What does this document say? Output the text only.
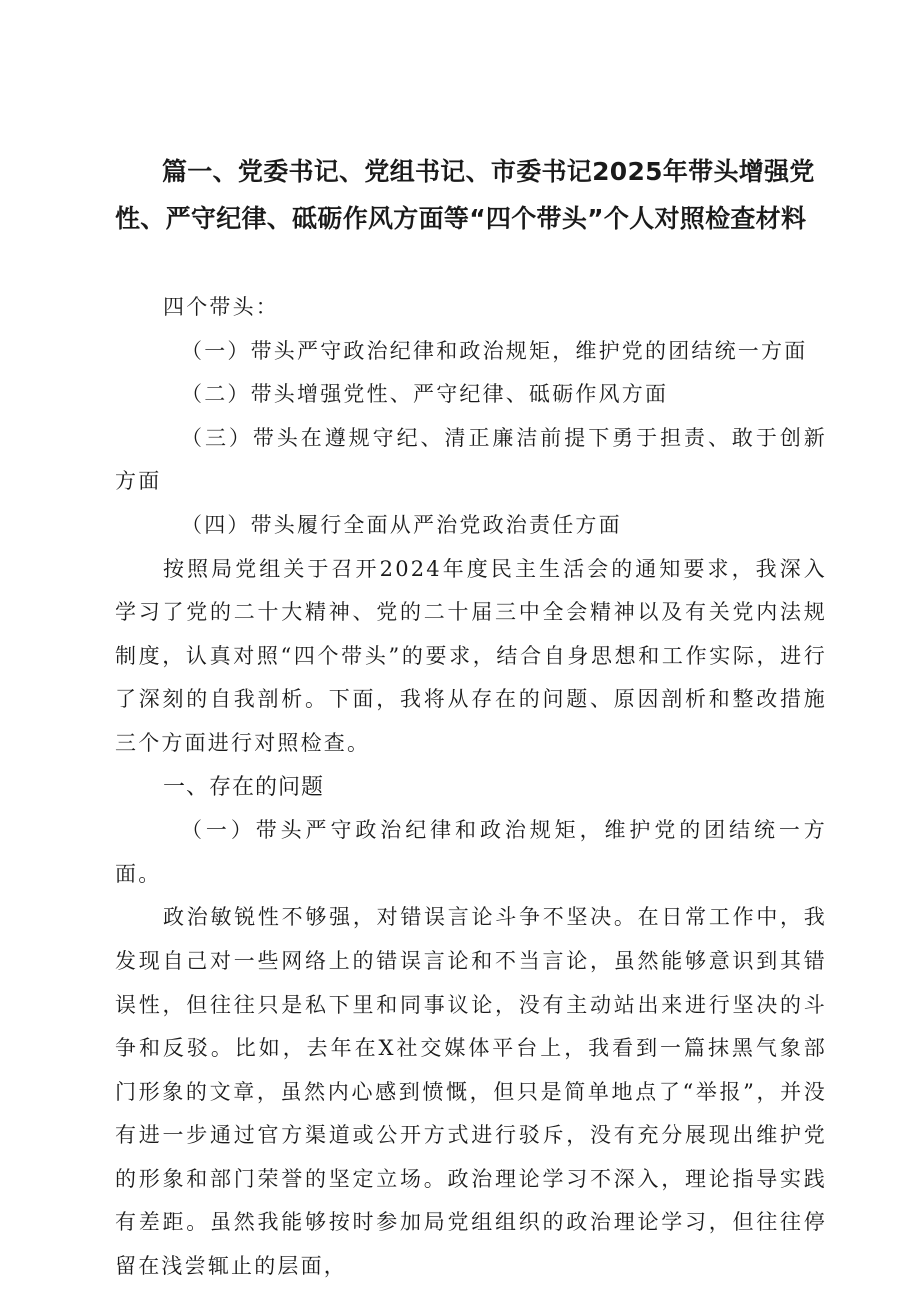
篇一、党委书记、党组书记、市委书记2025年带头增强党性、严守纪律、砥砺作风方面等“四个带头”个人对照检查材料

四个带头：

（一）带头严守政治纪律和政治规矩，维护党的团结统一方面

（二）带头增强党性、严守纪律、砥砺作风方面

（三）带头在遵规守纪、清正廉洁前提下勇于担责、敢于创新方面

（四）带头履行全面从严治党政治责任方面

按照局党组关于召开2024年度民主生活会的通知要求，我深入学习了党的二十大精神、党的二十届三中全会精神以及有关党内法规制度，认真对照“四个带头”的要求，结合自身思想和工作实际，进行了深刻的自我剖析。下面，我将从存在的问题、原因剖析和整改措施三个方面进行对照检查。

一、存在的问题

（一）带头严守政治纪律和政治规矩，维护党的团结统一方面。

政治敏锐性不够强，对错误言论斗争不坚决。在日常工作中，我发现自己对一些网络上的错误言论和不当言论，虽然能够意识到其错误性，但往往只是私下里和同事议论，没有主动站出来进行坚决的斗争和反驳。比如，去年在X社交媒体平台上，我看到一篇抹黑气象部门形象的文章，虽然内心感到愤慨，但只是简单地点了“举报”，并没有进一步通过官方渠道或公开方式进行驳斥，没有充分展现出维护党的形象和部门荣誉的坚定立场。政治理论学习不深入，理论指导实践有差距。虽然我能够按时参加局党组组织的政治理论学习，但往往停留在浅尝辄止的层面，
